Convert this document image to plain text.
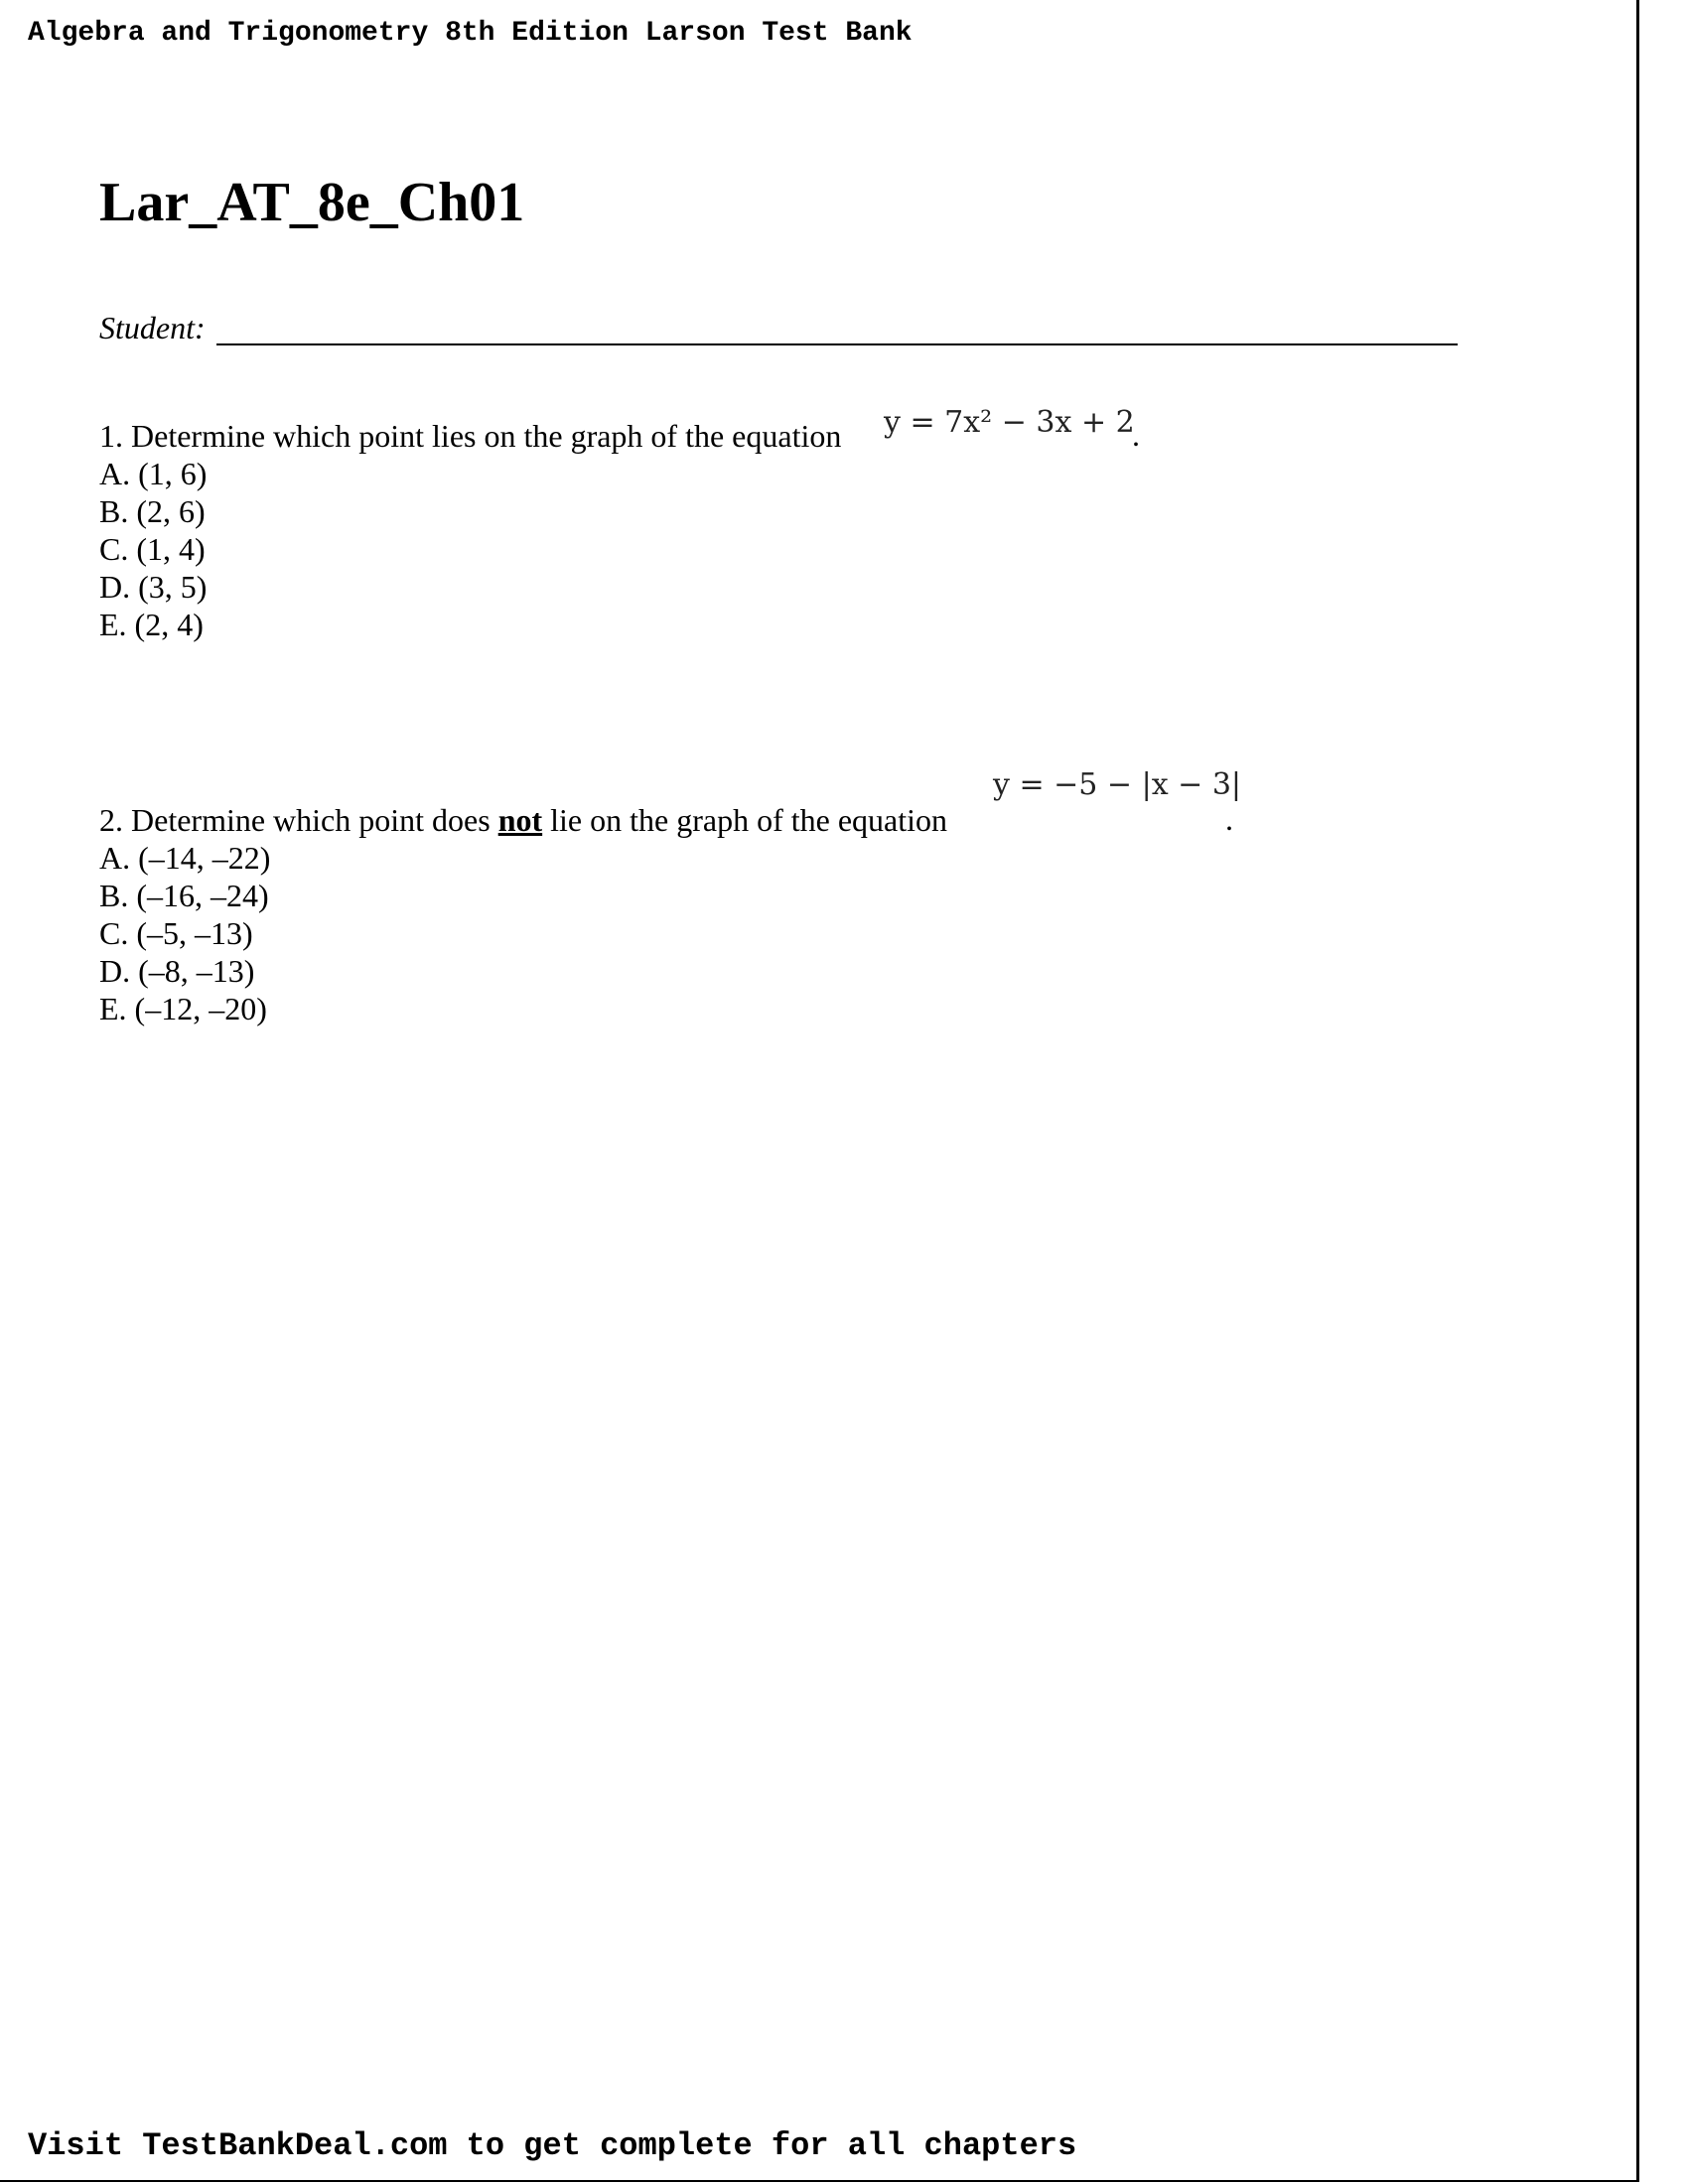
Algebra and Trigonometry 8th Edition Larson Test Bank
Lar_AT_8e_Ch01
Student:
1. Determine which point lies on the graph of the equation
A. (1, 6)
B. (2, 6)
C. (1, 4)
D. (3, 5)
E. (2, 4)
y = 7x² − 3x + 2
.
2. Determine which point does not lie on the graph of the equation
A. (–14, –22)
B. (–16, –24)
C. (–5, –13)
D. (–8, –13)
E. (–12, –20)
y = −5 − |x − 3|
.
Visit TestBankDeal.com to get complete for all chapters
